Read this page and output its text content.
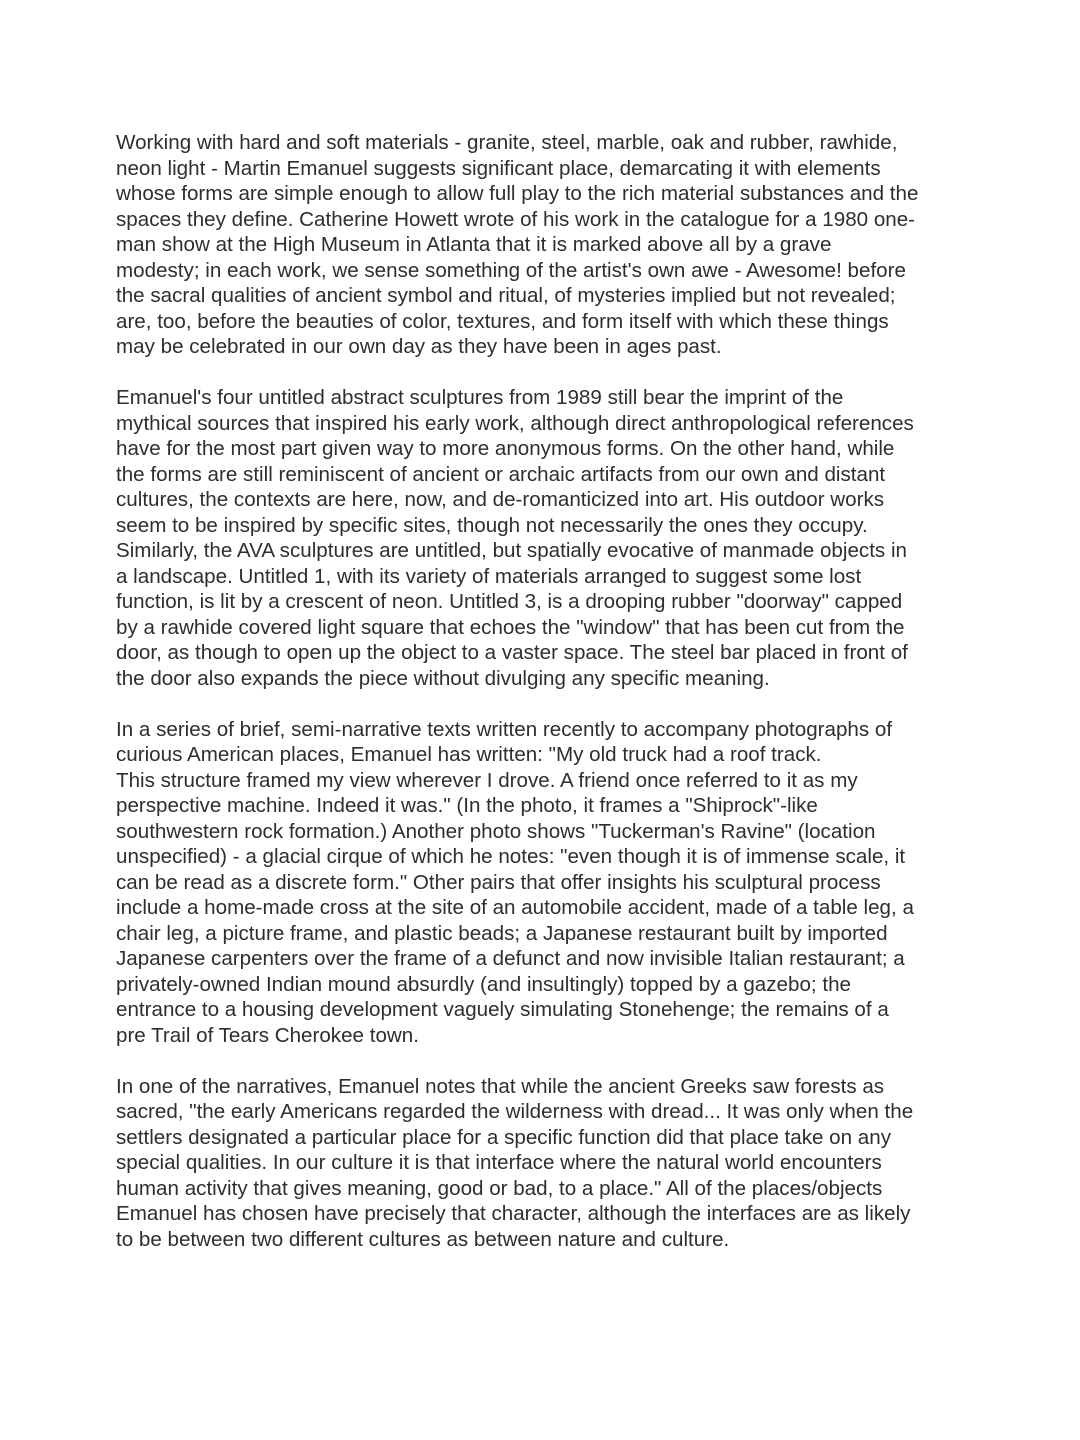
Working with hard and soft materials - granite, steel, marble, oak and rubber, rawhide,
neon light - Martin Emanuel suggests significant place, demarcating it with elements
whose forms are simple enough to allow full play to the rich material substances and the
spaces they define. Catherine Howett wrote of his work in the catalogue for a 1980 one-
man show at the High Museum in Atlanta that it is marked above all by a grave
modesty; in each work, we sense something of the artist's own awe - Awesome! before
the sacral qualities of ancient symbol and ritual, of mysteries implied but not revealed;
are, too, before the beauties of color, textures, and form itself with which these things
may be celebrated in our own day as they have been in ages past.

Emanuel's four untitled abstract sculptures from 1989 still bear the imprint of the
mythical sources that inspired his early work, although direct anthropological references
have for the most part given way to more anonymous forms. On the other hand, while
the forms are still reminiscent of ancient or archaic artifacts from our own and distant
cultures, the contexts are here, now, and de-romanticized into art. His outdoor works
seem to be inspired by specific sites, though not necessarily the ones they occupy.
Similarly, the AVA sculptures are untitled, but spatially evocative of manmade objects in
a landscape. Untitled 1, with its variety of materials arranged to suggest some lost
function, is lit by a crescent of neon. Untitled 3, is a drooping rubber "doorway" capped
by a rawhide covered light square that echoes the "window" that has been cut from the
door, as though to open up the object to a vaster space. The steel bar placed in front of
the door also expands the piece without divulging any specific meaning.

In a series of brief, semi-narrative texts written recently to accompany photographs of
curious American places, Emanuel has written: "My old truck had a roof track.
This structure framed my view wherever I drove. A friend once referred to it as my
perspective machine. Indeed it was." (In the photo, it frames a "Shiprock"-like
southwestern rock formation.) Another photo shows "Tuckerman's Ravine" (location
unspecified) - a glacial cirque of which he notes: "even though it is of immense scale, it
can be read as a discrete form." Other pairs that offer insights his sculptural process
include a home-made cross at the site of an automobile accident, made of a table leg, a
chair leg, a picture frame, and plastic beads; a Japanese restaurant built by imported
Japanese carpenters over the frame of a defunct and now invisible Italian restaurant; a
privately-owned Indian mound absurdly (and insultingly) topped by a gazebo; the
entrance to a housing development vaguely simulating Stonehenge; the remains of a
pre Trail of Tears Cherokee town.

In one of the narratives, Emanuel notes that while the ancient Greeks saw forests as
sacred, "the early Americans regarded the wilderness with dread... It was only when the
settlers designated a particular place for a specific function did that place take on any
special qualities. In our culture it is that interface where the natural world encounters
human activity that gives meaning, good or bad, to a place." All of the places/objects
Emanuel has chosen have precisely that character, although the interfaces are as likely
to be between two different cultures as between nature and culture.
